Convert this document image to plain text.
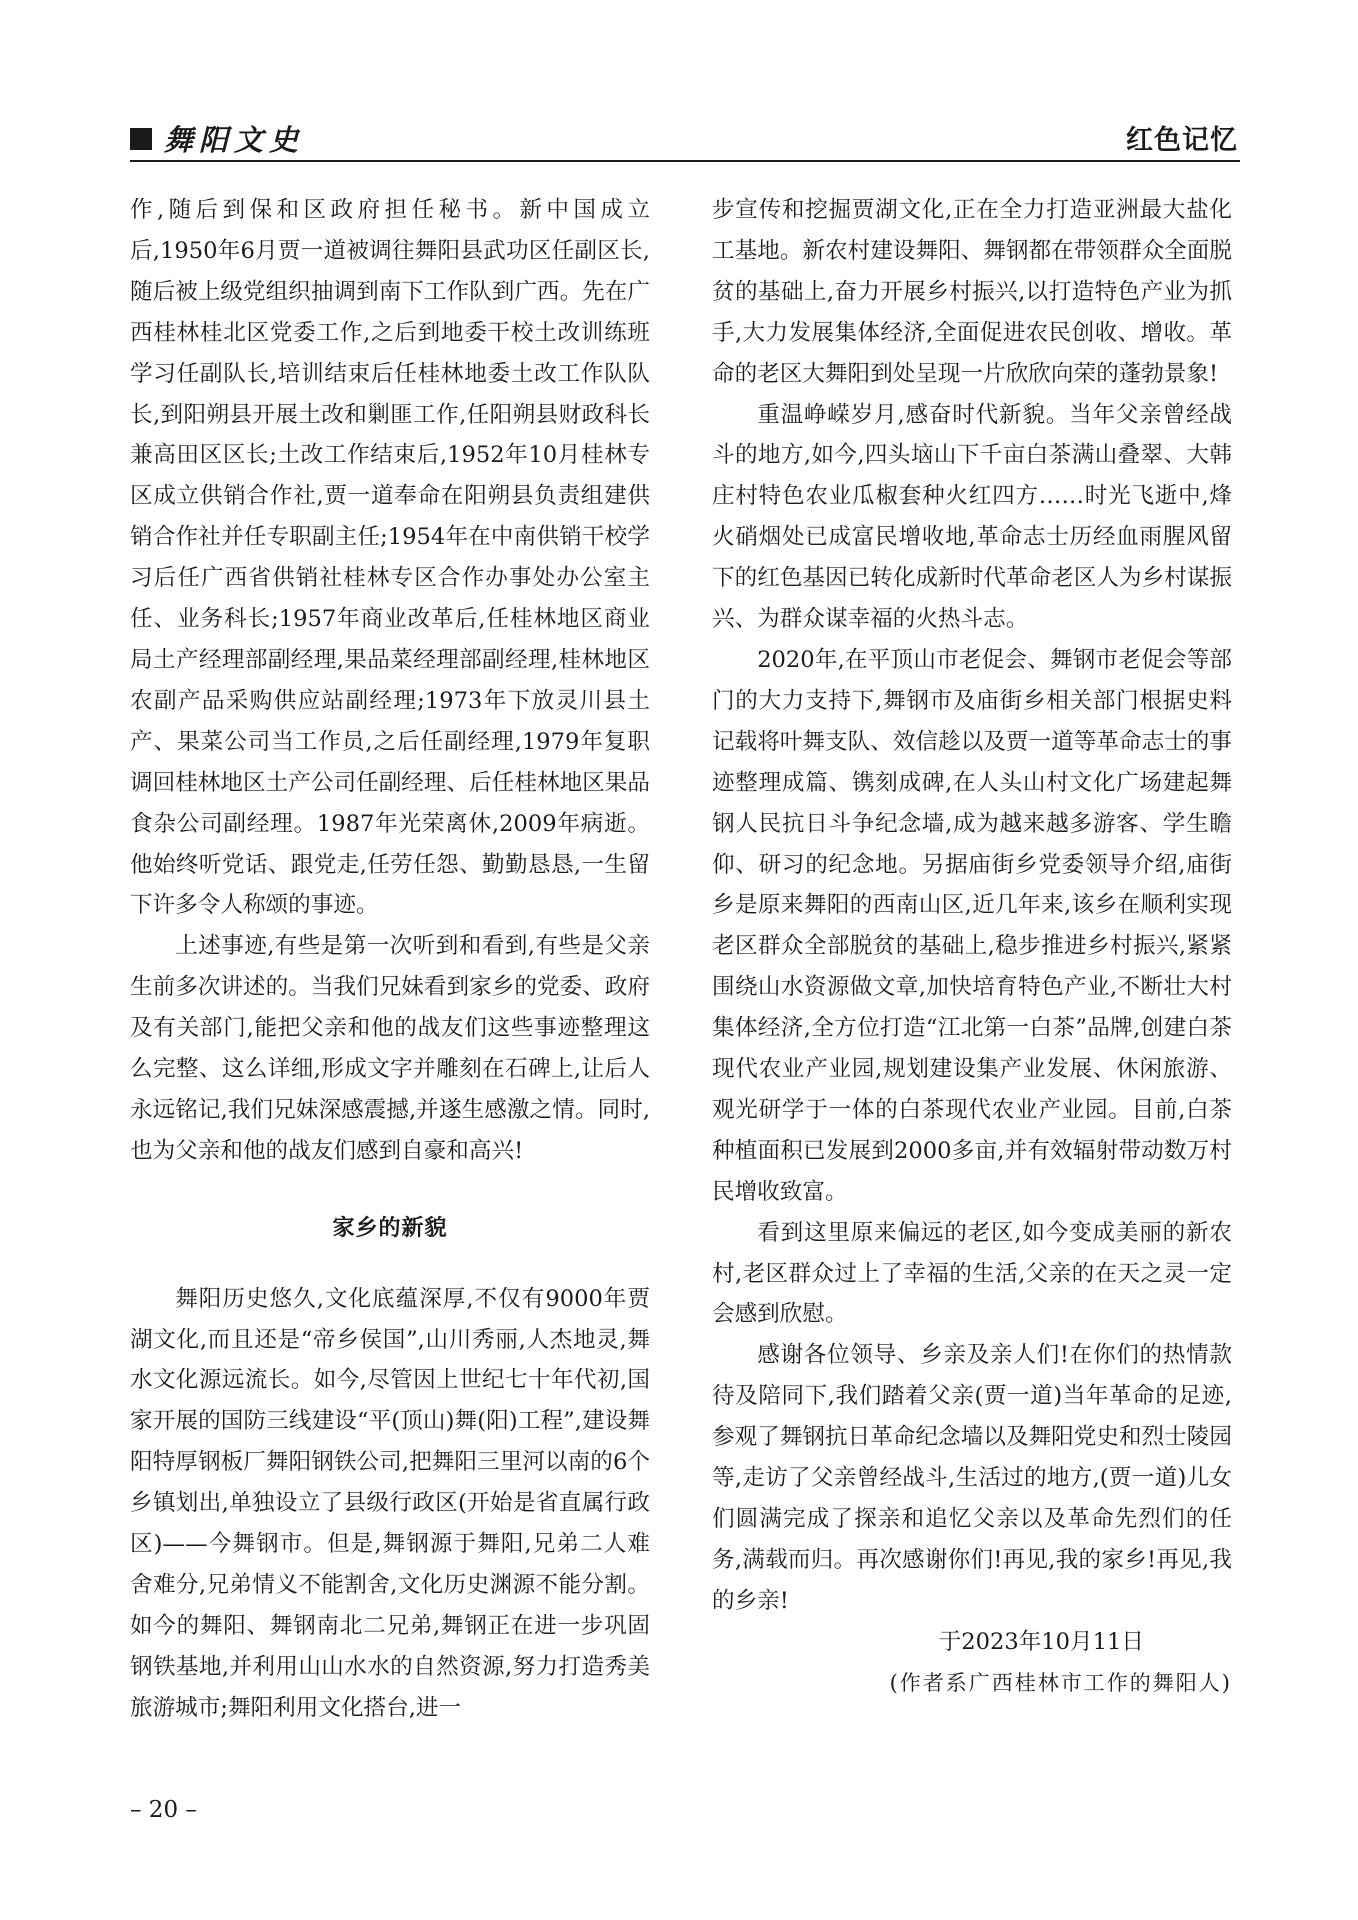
舞阳文史	红色记忆

作,随后到保和区政府担任秘书。新中国成立后,1950年6月贾一道被调往舞阳县武功区任副区长,随后被上级党组织抽调到南下工作队到广西。先在广西桂林桂北区党委工作,之后到地委干校土改训练班学习任副队长,培训结束后任桂林地委土改工作队队长,到阳朔县开展土改和剿匪工作,任阳朔县财政科长兼高田区区长;土改工作结束后,1952年10月桂林专区成立供销合作社,贾一道奉命在阳朔县负责组建供销合作社并任专职副主任;1954年在中南供销干校学习后任广西省供销社桂林专区合作办事处办公室主任、业务科长;1957年商业改革后,任桂林地区商业局土产经理部副经理,果品菜经理部副经理,桂林地区农副产品采购供应站副经理;1973年下放灵川县土产、果菜公司当工作员,之后任副经理,1979年复职调回桂林地区土产公司任副经理、后任桂林地区果品食杂公司副经理。1987年光荣离休,2009年病逝。他始终听党话、跟党走,任劳任怨、勤勤恳恳,一生留下许多令人称颂的事迹。

上述事迹,有些是第一次听到和看到,有些是父亲生前多次讲述的。当我们兄妹看到家乡的党委、政府及有关部门,能把父亲和他的战友们这些事迹整理这么完整、这么详细,形成文字并雕刻在石碑上,让后人永远铭记,我们兄妹深感震撼,并遂生感激之情。同时,也为父亲和他的战友们感到自豪和高兴!

家乡的新貌

舞阳历史悠久,文化底蕴深厚,不仅有9000年贾湖文化,而且还是“帝乡侯国”,山川秀丽,人杰地灵,舞水文化源远流长。如今,尽管因上世纪七十年代初,国家开展的国防三线建设“平(顶山)舞(阳)工程”,建设舞阳特厚钢板厂舞阳钢铁公司,把舞阳三里河以南的6个乡镇划出,单独设立了县级行政区(开始是省直属行政区)——今舞钢市。但是,舞钢源于舞阳,兄弟二人难舍难分,兄弟情义不能割舍,文化历史渊源不能分割。如今的舞阳、舞钢南北二兄弟,舞钢正在进一步巩固钢铁基地,并利用山山水水的自然资源,努力打造秀美旅游城市;舞阳利用文化搭台,进一

步宣传和挖掘贾湖文化,正在全力打造亚洲最大盐化工基地。新农村建设舞阳、舞钢都在带领群众全面脱贫的基础上,奋力开展乡村振兴,以打造特色产业为抓手,大力发展集体经济,全面促进农民创收、增收。革命的老区大舞阳到处呈现一片欣欣向荣的蓬勃景象!

重温峥嵘岁月,感奋时代新貌。当年父亲曾经战斗的地方,如今,四头垴山下千亩白茶满山叠翠、大韩庄村特色农业瓜椒套种火红四方……时光飞逝中,烽火硝烟处已成富民增收地,革命志士历经血雨腥风留下的红色基因已转化成新时代革命老区人为乡村谋振兴、为群众谋幸福的火热斗志。

2020年,在平顶山市老促会、舞钢市老促会等部门的大力支持下,舞钢市及庙街乡相关部门根据史料记载将叶舞支队、效信趁以及贾一道等革命志士的事迹整理成篇、镌刻成碑,在人头山村文化广场建起舞钢人民抗日斗争纪念墙,成为越来越多游客、学生瞻仰、研习的纪念地。另据庙街乡党委领导介绍,庙街乡是原来舞阳的西南山区,近几年来,该乡在顺利实现老区群众全部脱贫的基础上,稳步推进乡村振兴,紧紧围绕山水资源做文章,加快培育特色产业,不断壮大村集体经济,全方位打造“江北第一白茶”品牌,创建白茶现代农业产业园,规划建设集产业发展、休闲旅游、观光研学于一体的白茶现代农业产业园。目前,白茶种植面积已发展到2000多亩,并有效辐射带动数万村民增收致富。

看到这里原来偏远的老区,如今变成美丽的新农村,老区群众过上了幸福的生活,父亲的在天之灵一定会感到欣慰。

感谢各位领导、乡亲及亲人们!在你们的热情款待及陪同下,我们踏着父亲(贾一道)当年革命的足迹,参观了舞钢抗日革命纪念墙以及舞阳党史和烈士陵园等,走访了父亲曾经战斗,生活过的地方,(贾一道)儿女们圆满完成了探亲和追忆父亲以及革命先烈们的任务,满载而归。再次感谢你们!再见,我的家乡!再见,我的乡亲!

于2023年10月11日

(作者系广西桂林市工作的舞阳人)

– 20 –
